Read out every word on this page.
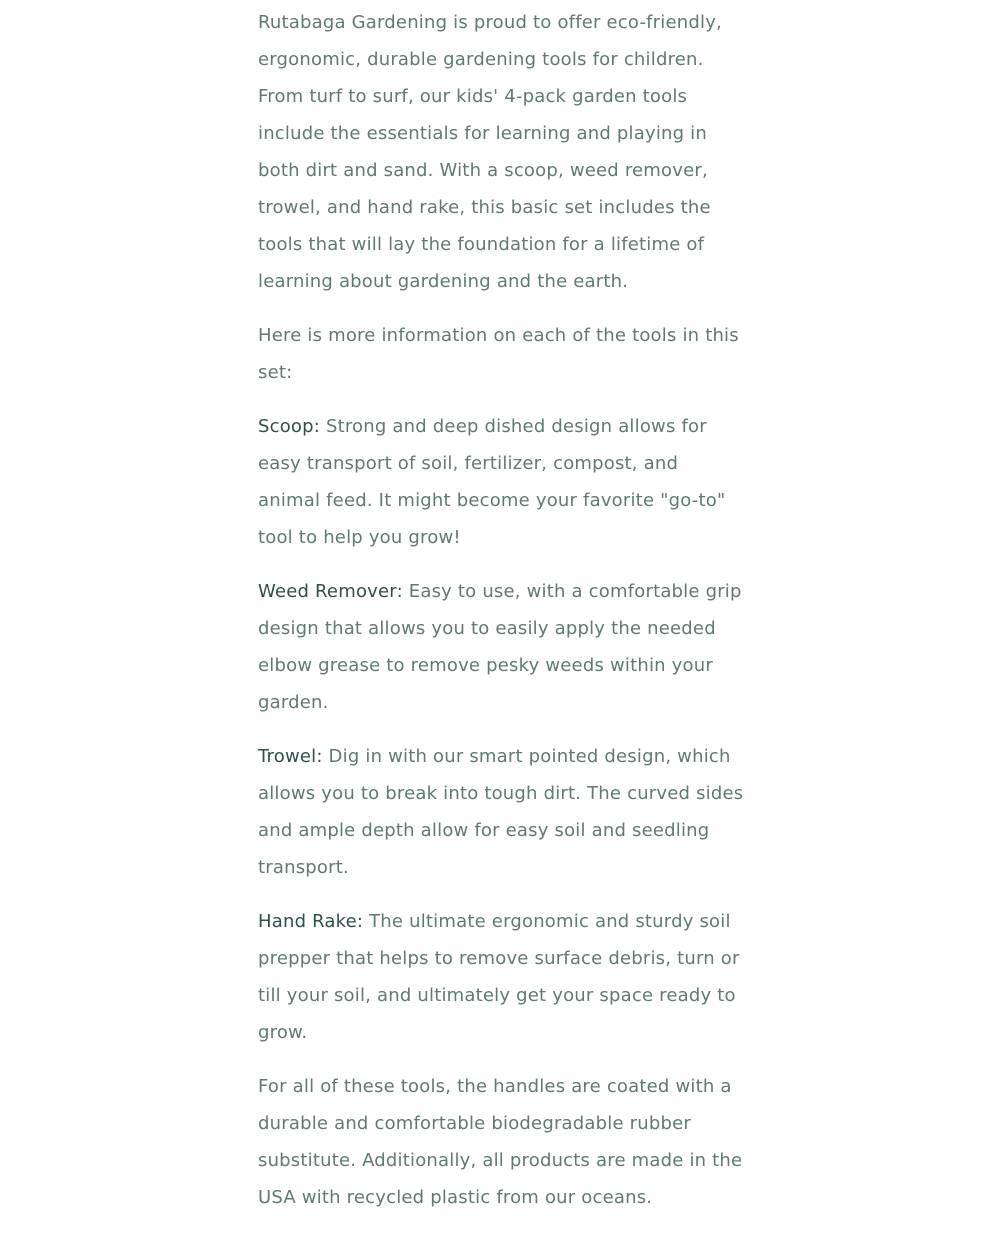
Rutabaga Gardening is proud to offer eco-friendly, ergonomic, durable gardening tools for children. From turf to surf, our kids' 4-pack garden tools include the essentials for learning and playing in both dirt and sand. With a scoop, weed remover, trowel, and hand rake, this basic set includes the tools that will lay the foundation for a lifetime of learning about gardening and the earth.

Here is more information on each of the tools in this set:

Scoop: Strong and deep dished design allows for easy transport of soil, fertilizer, compost, and animal feed. It might become your favorite "go-to" tool to help you grow!

Weed Remover: Easy to use, with a comfortable grip design that allows you to easily apply the needed elbow grease to remove pesky weeds within your garden.

Trowel: Dig in with our smart pointed design, which allows you to break into tough dirt. The curved sides and ample depth allow for easy soil and seedling transport.

Hand Rake: The ultimate ergonomic and sturdy soil prepper that helps to remove surface debris, turn or till your soil, and ultimately get your space ready to grow.

For all of these tools, the handles are coated with a durable and comfortable biodegradable rubber substitute. Additionally, all products are made in the USA with recycled plastic from our oceans.
